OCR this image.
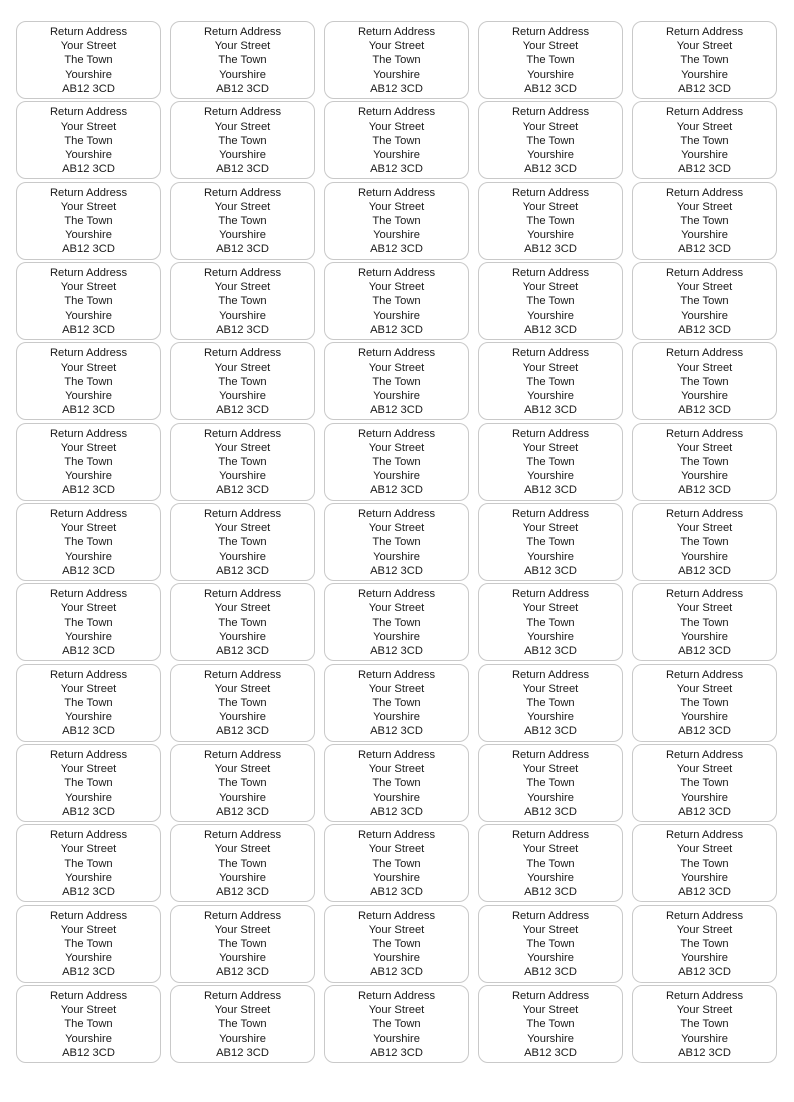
Return Address
Your Street
The Town
Yourshire
AB12 3CD
Return Address
Your Street
The Town
Yourshire
AB12 3CD
Return Address
Your Street
The Town
Yourshire
AB12 3CD
Return Address
Your Street
The Town
Yourshire
AB12 3CD
Return Address
Your Street
The Town
Yourshire
AB12 3CD
Return Address
Your Street
The Town
Yourshire
AB12 3CD
Return Address
Your Street
The Town
Yourshire
AB12 3CD
Return Address
Your Street
The Town
Yourshire
AB12 3CD
Return Address
Your Street
The Town
Yourshire
AB12 3CD
Return Address
Your Street
The Town
Yourshire
AB12 3CD
Return Address
Your Street
The Town
Yourshire
AB12 3CD
Return Address
Your Street
The Town
Yourshire
AB12 3CD
Return Address
Your Street
The Town
Yourshire
AB12 3CD
Return Address
Your Street
The Town
Yourshire
AB12 3CD
Return Address
Your Street
The Town
Yourshire
AB12 3CD
Return Address
Your Street
The Town
Yourshire
AB12 3CD
Return Address
Your Street
The Town
Yourshire
AB12 3CD
Return Address
Your Street
The Town
Yourshire
AB12 3CD
Return Address
Your Street
The Town
Yourshire
AB12 3CD
Return Address
Your Street
The Town
Yourshire
AB12 3CD
Return Address
Your Street
The Town
Yourshire
AB12 3CD
Return Address
Your Street
The Town
Yourshire
AB12 3CD
Return Address
Your Street
The Town
Yourshire
AB12 3CD
Return Address
Your Street
The Town
Yourshire
AB12 3CD
Return Address
Your Street
The Town
Yourshire
AB12 3CD
Return Address
Your Street
The Town
Yourshire
AB12 3CD
Return Address
Your Street
The Town
Yourshire
AB12 3CD
Return Address
Your Street
The Town
Yourshire
AB12 3CD
Return Address
Your Street
The Town
Yourshire
AB12 3CD
Return Address
Your Street
The Town
Yourshire
AB12 3CD
Return Address
Your Street
The Town
Yourshire
AB12 3CD
Return Address
Your Street
The Town
Yourshire
AB12 3CD
Return Address
Your Street
The Town
Yourshire
AB12 3CD
Return Address
Your Street
The Town
Yourshire
AB12 3CD
Return Address
Your Street
The Town
Yourshire
AB12 3CD
Return Address
Your Street
The Town
Yourshire
AB12 3CD
Return Address
Your Street
The Town
Yourshire
AB12 3CD
Return Address
Your Street
The Town
Yourshire
AB12 3CD
Return Address
Your Street
The Town
Yourshire
AB12 3CD
Return Address
Your Street
The Town
Yourshire
AB12 3CD
Return Address
Your Street
The Town
Yourshire
AB12 3CD
Return Address
Your Street
The Town
Yourshire
AB12 3CD
Return Address
Your Street
The Town
Yourshire
AB12 3CD
Return Address
Your Street
The Town
Yourshire
AB12 3CD
Return Address
Your Street
The Town
Yourshire
AB12 3CD
Return Address
Your Street
The Town
Yourshire
AB12 3CD
Return Address
Your Street
The Town
Yourshire
AB12 3CD
Return Address
Your Street
The Town
Yourshire
AB12 3CD
Return Address
Your Street
The Town
Yourshire
AB12 3CD
Return Address
Your Street
The Town
Yourshire
AB12 3CD
Return Address
Your Street
The Town
Yourshire
AB12 3CD
Return Address
Your Street
The Town
Yourshire
AB12 3CD
Return Address
Your Street
The Town
Yourshire
AB12 3CD
Return Address
Your Street
The Town
Yourshire
AB12 3CD
Return Address
Your Street
The Town
Yourshire
AB12 3CD
Return Address
Your Street
The Town
Yourshire
AB12 3CD
Return Address
Your Street
The Town
Yourshire
AB12 3CD
Return Address
Your Street
The Town
Yourshire
AB12 3CD
Return Address
Your Street
The Town
Yourshire
AB12 3CD
Return Address
Your Street
The Town
Yourshire
AB12 3CD
Return Address
Your Street
The Town
Yourshire
AB12 3CD
Return Address
Your Street
The Town
Yourshire
AB12 3CD
Return Address
Your Street
The Town
Yourshire
AB12 3CD
Return Address
Your Street
The Town
Yourshire
AB12 3CD
Return Address
Your Street
The Town
Yourshire
AB12 3CD
